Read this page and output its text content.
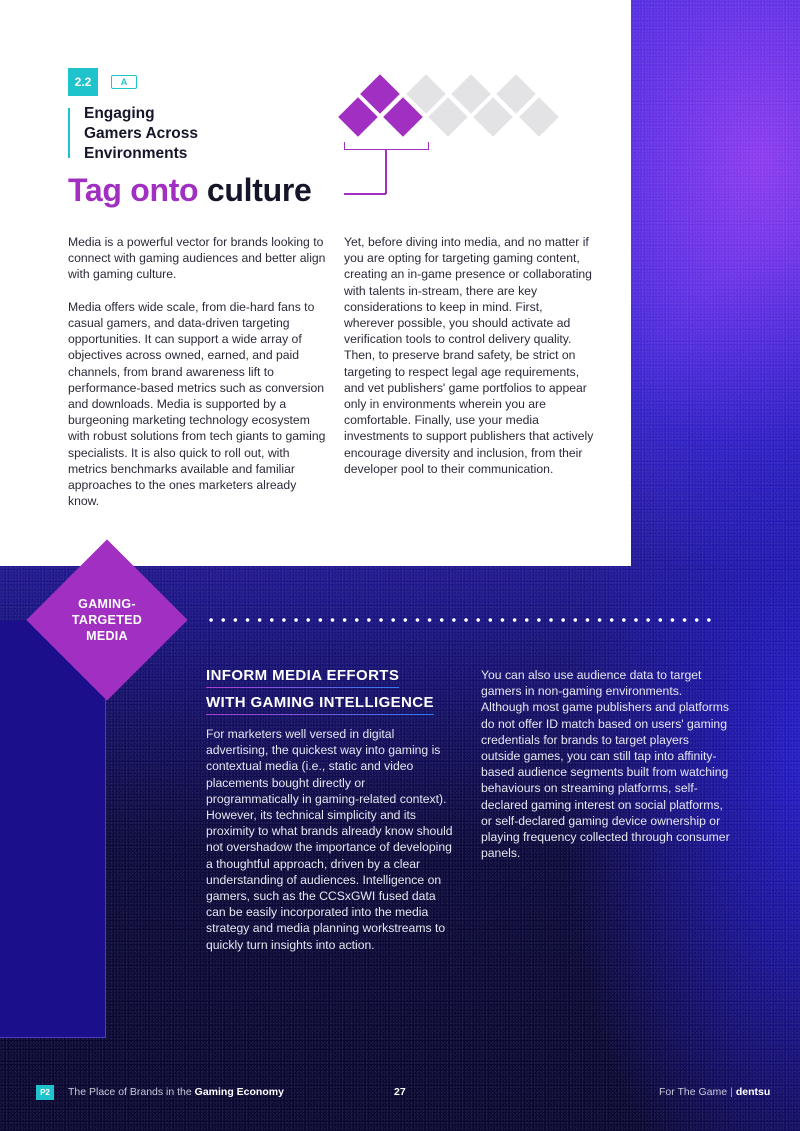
2.2	A
Engaging
Gamers Across
Environments
Tag onto culture

Media is a powerful vector for brands looking to connect with gaming audiences and better align with gaming culture.

Media offers wide scale, from die-hard fans to casual gamers, and data-driven targeting opportunities. It can support a wide array of objectives across owned, earned, and paid channels, from brand awareness lift to performance-based metrics such as conversion and downloads. Media is supported by a burgeoning marketing technology ecosystem with robust solutions from tech giants to gaming specialists. It is also quick to roll out, with metrics benchmarks available and familiar approaches to the ones marketers already know.

Yet, before diving into media, and no matter if you are opting for targeting gaming content, creating an in-game presence or collaborating with talents in-stream, there are key considerations to keep in mind. First, wherever possible, you should activate ad verification tools to control delivery quality. Then, to preserve brand safety, be strict on targeting to respect legal age requirements, and vet publishers' game portfolios to appear only in environments wherein you are comfortable. Finally, use your media investments to support publishers that actively encourage diversity and inclusion, from their developer pool to their communication.

GAMING-
TARGETED
MEDIA
INFORM MEDIA EFFORTS
WITH GAMING INTELLIGENCE
For marketers well versed in digital advertising, the quickest way into gaming is contextual media (i.e., static and video placements bought directly or programmatically in gaming-related context). However, its technical simplicity and its proximity to what brands already know should not overshadow the importance of developing a thoughtful approach, driven by a clear understanding of audiences. Intelligence on gamers, such as the CCSxGWI fused data can be easily incorporated into the media strategy and media planning workstreams to quickly turn insights into action.
You can also use audience data to target gamers in non-gaming environments. Although most game publishers and platforms do not offer ID match based on users' gaming credentials for brands to target players outside games, you can still tap into affinity-based audience segments built from watching behaviours on streaming platforms, self-declared gaming interest on social platforms, or self-declared gaming device ownership or playing frequency collected through consumer panels.
P2	The Place of Brands in the Gaming Economy	27	For The Game | dentsu
